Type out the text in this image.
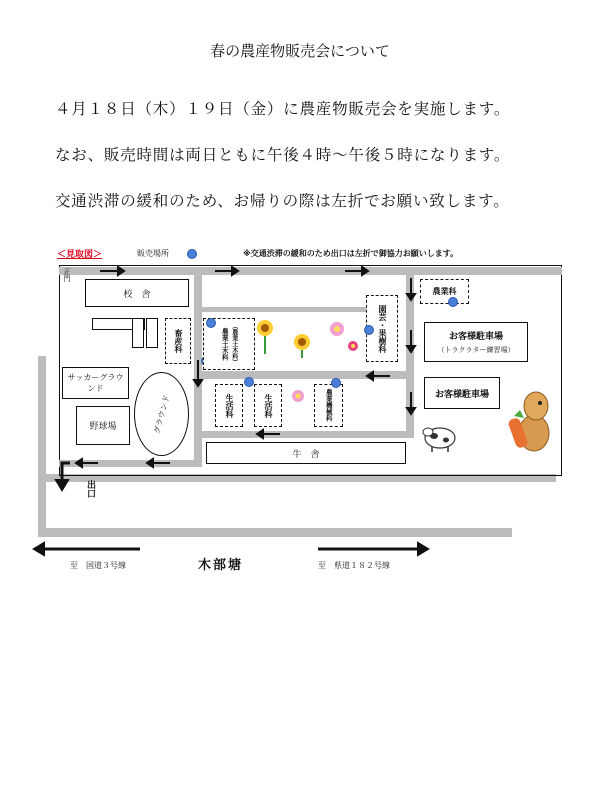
春の農産物販売会について
４月１８日（木）１９日（金）に農産物販売会を実施します。
なお、販売時間は両日ともに午後４時～午後５時になります。
交通渋滞の緩和のため、お帰りの際は左折でお願い致します。
＜見取図＞	販売場所	※交通渋滞の緩和のため出口は左折で御協力お願いします。
正門
校　舎
畜産科	農業土木科 （農業土木科）	園芸・果樹科
農業科
お客様駐車場
（トラクラター練習場）
お客様駐車場
サッカーグラウンド
野球場	グラウンド	生活科	生活科	農業機械科
牛　舎
出口
木部塘
至　国道３号線	至　県道１８２号線
